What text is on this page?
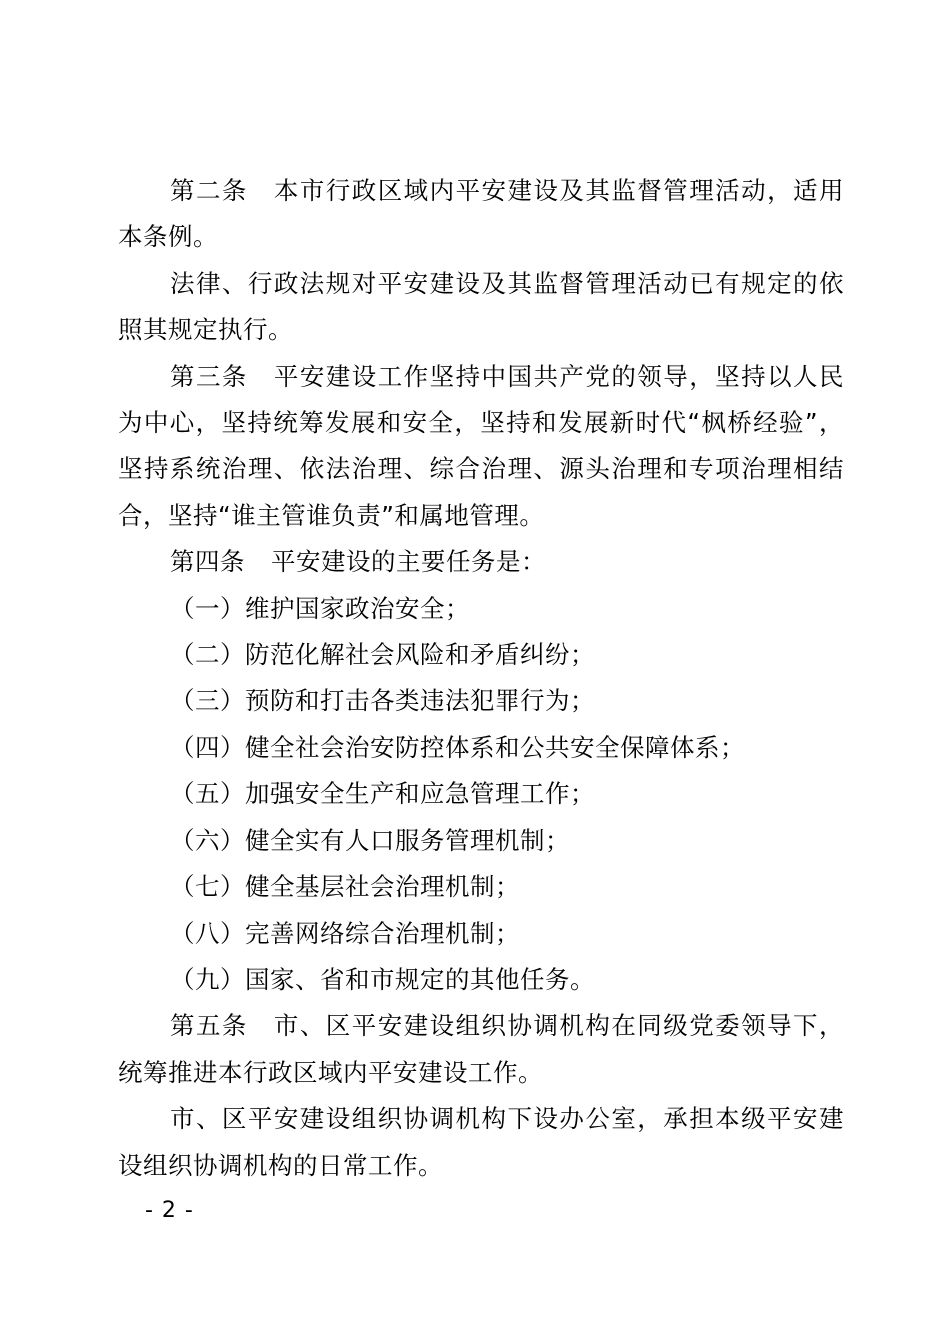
第二条 本市行政区域内平安建设及其监督管理活动，适用本条例。

法律、行政法规对平安建设及其监督管理活动已有规定的依照其规定执行。

第三条 平安建设工作坚持中国共产党的领导，坚持以人民为中心，坚持统筹发展和安全，坚持和发展新时代“枫桥经验”，坚持系统治理、依法治理、综合治理、源头治理和专项治理相结合，坚持“谁主管谁负责”和属地管理。

第四条 平安建设的主要任务是：

（一）维护国家政治安全；

（二）防范化解社会风险和矛盾纠纷；

（三）预防和打击各类违法犯罪行为；

（四）健全社会治安防控体系和公共安全保障体系；

（五）加强安全生产和应急管理工作；

（六）健全实有人口服务管理机制；

（七）健全基层社会治理机制；

（八）完善网络综合治理机制；

（九）国家、省和市规定的其他任务。

第五条 市、区平安建设组织协调机构在同级党委领导下，统筹推进本行政区域内平安建设工作。

市、区平安建设组织协调机构下设办公室，承担本级平安建设组织协调机构的日常工作。

- 2 -
